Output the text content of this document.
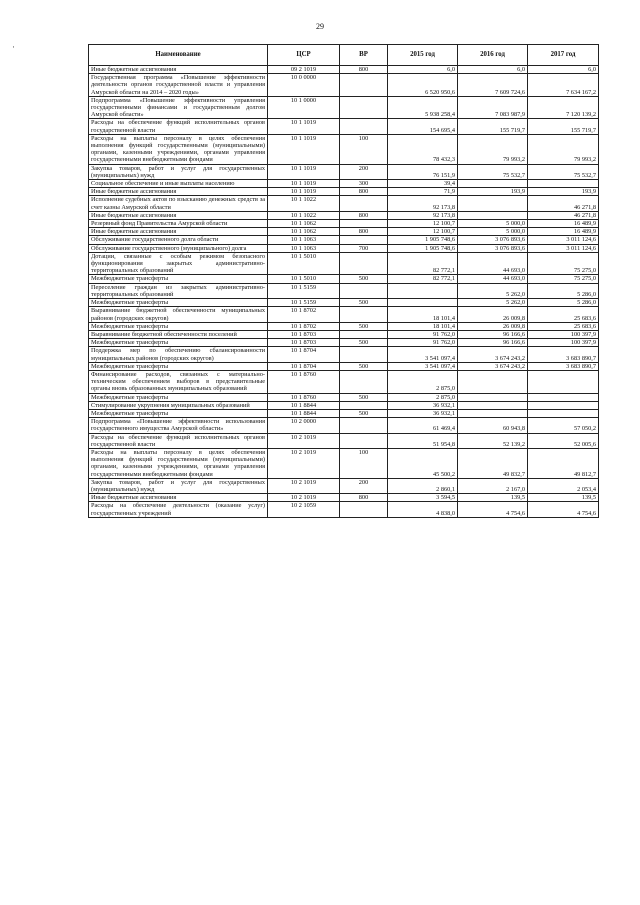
29
·
Наименование	ЦСР	ВР	2015 год	2016 год	2017 год
Иные бюджетные ассигнования	09 2 1019	800	6,0	6,0	6,0
Государственная программа «Повышение эффективности деятельности органов государственной власти и управления Амурской области на 2014 – 2020 годы»	10 0 0000		6 520 950,6	7 609 724,6	7 634 167,2
Подпрограмма «Повышение эффективности управления государственными финансами и государственным долгом Амурской области»	10 1 0000		5 938 258,4	7 083 987,9	7 120 139,2
Расходы на обеспечение функций исполнительных органов государственной власти	10 1 1019		154 695,4	155 719,7	155 719,7
Расходы на выплаты персоналу в целях обеспечения выполнения функций государственными (муниципальными) органами, казенными учреждениями, органами управления государственными внебюджетными фондами	10 1 1019	100	78 432,3	79 993,2	79 993,2
Закупка товаров, работ и услуг для государственных (муниципальных) нужд	10 1 1019	200	76 151,9	75 532,7	75 532,7
Социальное обеспечение и иные выплаты населению	10 1 1019	300	39,4		
Иные бюджетные ассигнования	10 1 1019	800	71,9	193,9	193,9
Исполнение судебных актов по взысканию денежных средств за счет казны Амурской области	10 1 1022		92 173,8		46 271,8
Иные бюджетные ассигнования	10 1 1022	800	92 173,8		46 271,8
Резервный фонд Правительства Амурской области	10 1 1062		12 100,7	5 000,0	16 489,9
Иные бюджетные ассигнования	10 1 1062	800	12 100,7	5 000,0	16 489,9
Обслуживание государственного долга области	10 1 1063		1 905 748,6	3 076 893,6	3 011 124,6
Обслуживание государственного (муниципального) долга	10 1 1063	700	1 905 748,6	3 076 893,6	3 011 124,6
Дотации, связанные с особым режимом безопасного функционирования закрытых административно-территориальных образований	10 1 5010		82 772,1	44 693,0	75 275,0
Межбюджетные трансферты	10 1 5010	500	82 772,1	44 693,0	75 275,0
Переселение граждан из закрытых административно-территориальных образований	10 1 5159			5 262,0	5 286,0
Межбюджетные трансферты	10 1 5159	500		5 262,0	5 286,0
Выравнивание бюджетной обеспеченности муниципальных районов (городских округов)	10 1 8702		18 101,4	26 009,8	25 683,6
Межбюджетные трансферты	10 1 8702	500	18 101,4	26 009,8	25 683,6
Выравнивание бюджетной обеспеченности поселений	10 1 8703		91 762,0	96 166,6	100 397,9
Межбюджетные трансферты	10 1 8703	500	91 762,0	96 166,6	100 397,9
Поддержка мер по обеспечению сбалансированности муниципальных районов (городских округов)	10 1 8704		3 541 097,4	3 674 243,2	3 683 890,7
Межбюджетные трансферты	10 1 8704	500	3 541 097,4	3 674 243,2	3 683 890,7
Финансирование расходов, связанных с материально-техническим обеспечением выборов в представительные органы вновь образованных муниципальных образований	10 1 8760		2 875,0		
Межбюджетные трансферты	10 1 8760	500	2 875,0		
Стимулирование укрупнения муниципальных образований	10 1 8844		36 932,1		
Межбюджетные трансферты	10 1 8844	500	36 932,1		
Подпрограмма «Повышение эффективности использования государственного имущества Амурской области»	10 2 0000		61 469,4	60 943,8	57 050,2
Расходы на обеспечение функций исполнительных органов государственной власти	10 2 1019		51 954,8	52 139,2	52 005,6
Расходы на выплаты персоналу в целях обеспечения выполнения функций государственными (муниципальными) органами, казенными учреждениями, органами управления государственными внебюджетными фондами	10 2 1019	100	45 500,2	49 832,7	49 812,7
Закупка товаров, работ и услуг для государственных (муниципальных) нужд	10 2 1019	200	2 860,1	2 167,0	2 053,4
Иные бюджетные ассигнования	10 2 1019	800	3 594,5	139,5	139,5
Расходы на обеспечение деятельности (оказание услуг) государственных учреждений	10 2 1059		4 838,0	4 754,6	4 754,6
